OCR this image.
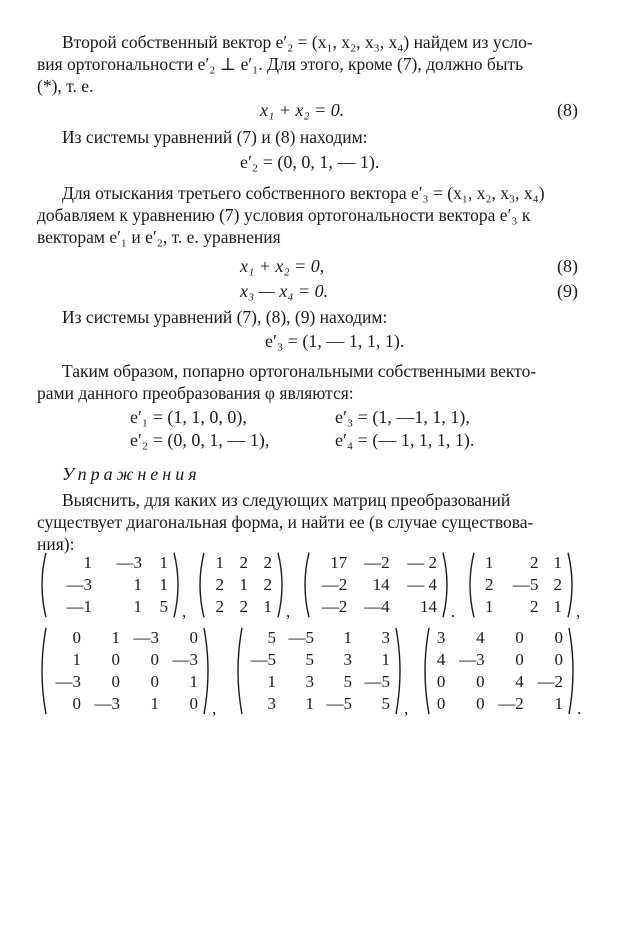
Второй собственный вектор e′₂ = (x₁, x₂, x₃, x₄) найдем из усло-
вия ортогональности e′₂ ⊥ e′₁. Для этого, кроме (7), должно быть
(*), т. е.
x₁ + x₂ = 0.	(8)
Из системы уравнений (7) и (8) находим:
e′₂ = (0, 0, 1, — 1).
Для отыскания третьего собственного вектора e′₃ = (x₁, x₂, x₃, x₄)
добавляем к уравнению (7) условия ортогональности вектора e′₃ к
векторам e′₁ и e′₂, т. е. уравнения
x₁ + x₂ = 0,	(8)
x₃ — x₄ = 0.	(9)
Из системы уравнений (7), (8), (9) находим:
e′₃ = (1, — 1, 1, 1).
Таким образом, попарно ортогональными собственными векто-
рами данного преобразования φ являются:
e′₁ = (1, 1, 0, 0),	e′₃ = (1, —1, 1, 1),
e′₂ = (0, 0, 1, — 1),	e′₄ = (— 1, 1, 1, 1).
Упражнения
Выяснить, для каких из следующих матриц преобразований
существует диагональная форма, и найти ее (в случае существова-
ния):
1	—3	1
—3	1	1
—1	1	5 ,
1	2	2
2	1	2
2	2	1 ,
17	—2	— 2
—2	14	— 4
—2	—4	14 .
1	2	1
2	—5	2
1	2	1 ,
0	1	—3	0
1	0	0	—3
—3	0	0	1
0	—3	1	0 ,
5	—5	1	3
—5	5	3	1
1	3	5	—5
3	1	—5	5 ,
3	4	0	0
4	—3	0	0
0	0	4	—2
0	0	—2	1 .
